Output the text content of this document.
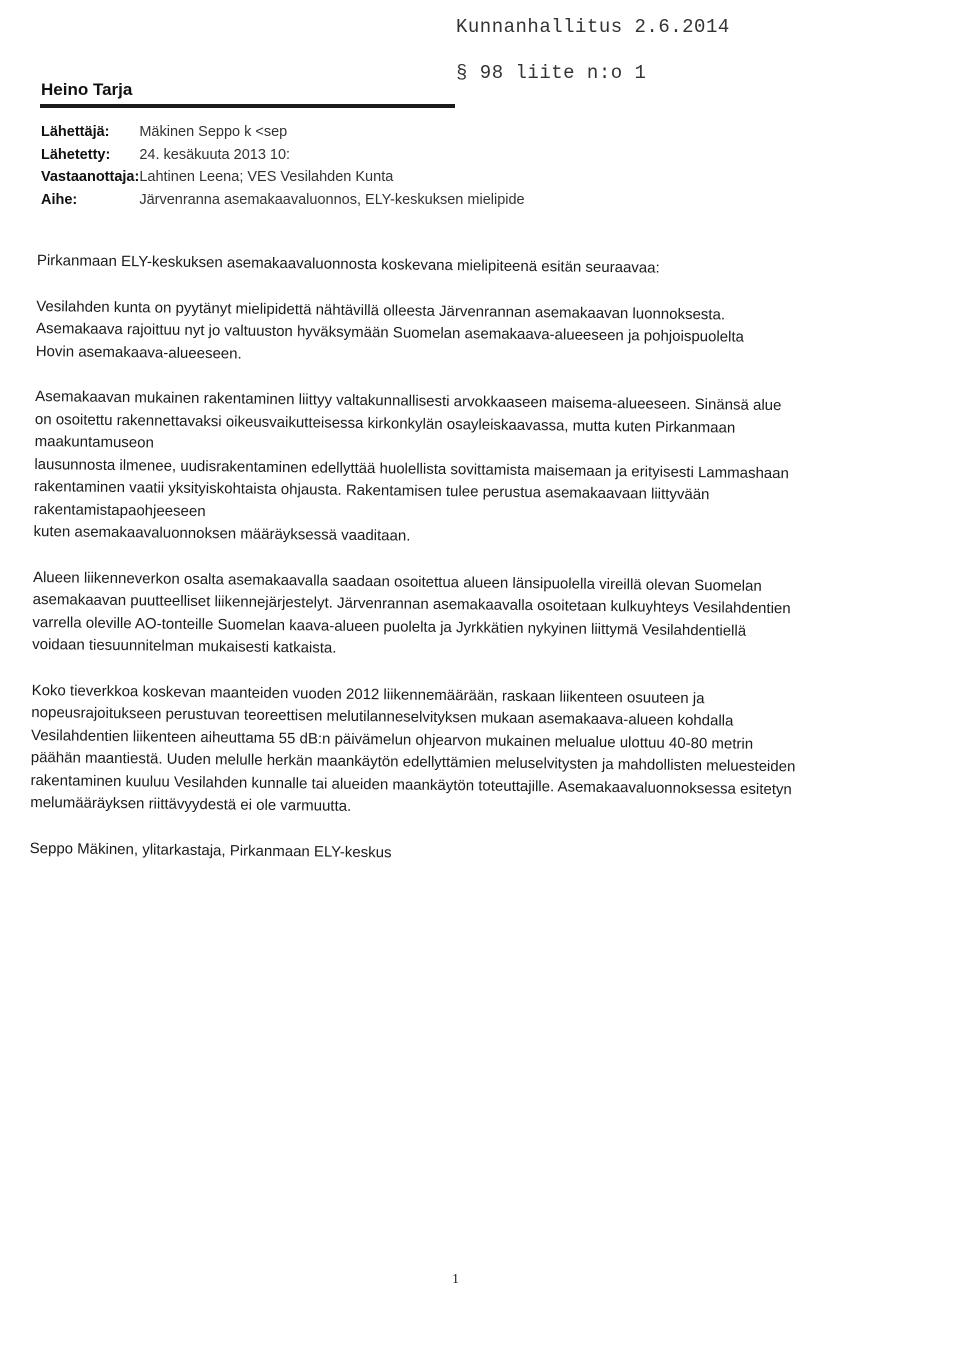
Kunnanhallitus 2.6.2014
§ 98 liite n:o 1
Heino Tarja
Lähettäjä:	Mäkinen Seppo k <sep
Lähetetty:	24. kesäkuuta 2013 10:
Vastaanottaja:	Lahtinen Leena; VES Vesilahden Kunta
Aihe:	Järvenranna asemakaavaluonnos, ELY-keskuksen mielipide

Pirkanmaan ELY-keskuksen asemakaavaluonnosta koskevana mielipiteenä esitän seuraavaa:

Vesilahden kunta on pyytänyt mielipidettä nähtävillä olleesta Järvenrannan asemakaavan luonnoksesta.

Asemakaava rajoittuu nyt jo valtuuston hyväksymään Suomelan asemakaava-alueeseen ja pohjoispuolelta

Hovin asemakaava-alueeseen.

Asemakaavan mukainen rakentaminen liittyy valtakunnallisesti arvokkaaseen maisema-alueeseen. Sinänsä alue

on osoitettu rakennettavaksi oikeusvaikutteisessa kirkonkylän osayleiskaavassa, mutta kuten Pirkanmaan

maakuntamuseon

lausunnosta ilmenee, uudisrakentaminen edellyttää huolellista sovittamista maisemaan ja erityisesti Lammashaan

rakentaminen vaatii yksityiskohtaista ohjausta. Rakentamisen tulee perustua asemakaavaan liittyvään

rakentamistapaohjeeseen

kuten asemakaavaluonnoksen määräyksessä vaaditaan.

Alueen liikenneverkon osalta asemakaavalla saadaan osoitettua alueen länsipuolella vireillä olevan Suomelan

asemakaavan puutteelliset liikennejärjestelyt. Järvenrannan asemakaavalla osoitetaan kulkuyhteys Vesilahdentien

varrella oleville AO-tonteille Suomelan kaava-alueen puolelta ja Jyrkkätien nykyinen liittymä Vesilahdentiellä

voidaan tiesuunnitelman mukaisesti katkaista.

Koko tieverkkoa koskevan maanteiden vuoden 2012 liikennemäärään, raskaan liikenteen osuuteen ja

nopeusrajoitukseen perustuvan teoreettisen melutilanneselvityksen mukaan asemakaava-alueen kohdalla

Vesilahdentien liikenteen aiheuttama 55 dB:n päivämelun ohjearvon mukainen melualue ulottuu 40-80 metrin

päähän maantiestä. Uuden melulle herkän maankäytön edellyttämien meluselvitysten ja mahdollisten meluesteiden

rakentaminen kuuluu Vesilahden kunnalle tai alueiden maankäytön toteuttajille. Asemakaavaluonnoksessa esitetyn

melumääräyksen riittävyydestä ei ole varmuutta.

Seppo Mäkinen, ylitarkastaja, Pirkanmaan ELY-keskus

1
